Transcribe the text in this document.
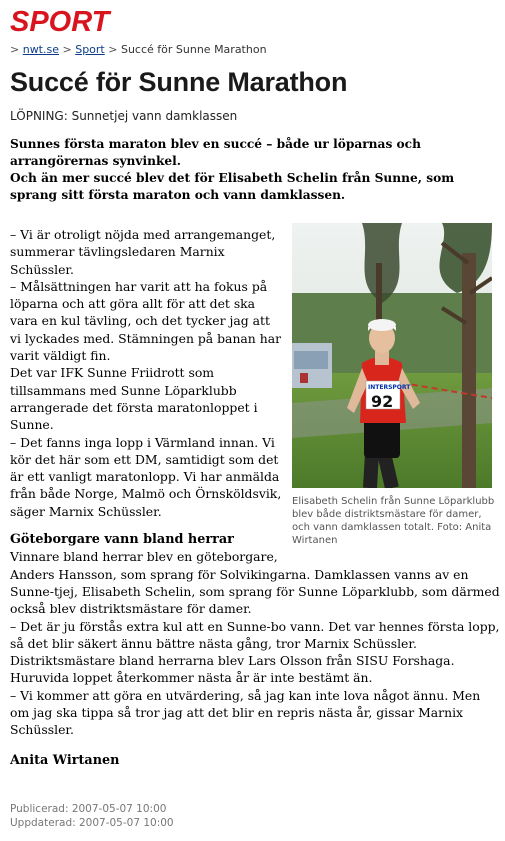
SPORT
> nwt.se > Sport > Succé för Sunne Marathon
Succé för Sunne Marathon
LÖPNING: Sunnetjej vann damklassen

Sunnes första maraton blev en succé – både ur löparnas och arrangörernas synvinkel.

Och än mer succé blev det för Elisabeth Schelin från Sunne, som sprang sitt första maraton och vann damklassen.

INTERSPORT
92
Elisabeth Schelin från Sunne Löparklubb blev både distriktsmästare för damer, och vann damklassen totalt. Foto: Anita Wirtanen

– Vi är otroligt nöjda med arrangemanget, summerar tävlingsledaren Marnix Schüssler.

– Målsättningen har varit att ha fokus på löparna och att göra allt för att det ska vara en kul tävling, och det tycker jag att vi lyckades med. Stämningen på banan har varit väldigt fin.

Det var IFK Sunne Friidrott som tillsammans med Sunne Löparklubb arrangerade det första maratonloppet i Sunne.

– Det fanns inga lopp i Värmland innan. Vi kör det här som ett DM, samtidigt som det är ett vanligt maratonlopp. Vi har anmälda från både Norge, Malmö och Örnsköldsvik, säger Marnix Schüssler.

Göteborgare vann bland herrar

Vinnare bland herrar blev en göteborgare, Anders Hansson, som sprang för Solvikingarna. Damklassen vanns av en Sunne-tjej, Elisabeth Schelin, som sprang för Sunne Löparklubb, som därmed också blev distriktsmästare för damer.

– Det är ju förstås extra kul att en Sunne-bo vann. Det var hennes första lopp, så det blir säkert ännu bättre nästa gång, tror Marnix Schüssler.

Distriktsmästare bland herrarna blev Lars Olsson från SISU Forshaga.

Huruvida loppet återkommer nästa år är inte bestämt än.

– Vi kommer att göra en utvärdering, så jag kan inte lova något ännu. Men om jag ska tippa så tror jag att det blir en repris nästa år, gissar Marnix Schüssler.

Anita Wirtanen
Publicerad: 2007-05-07 10:00
Uppdaterad: 2007-05-07 10:00
